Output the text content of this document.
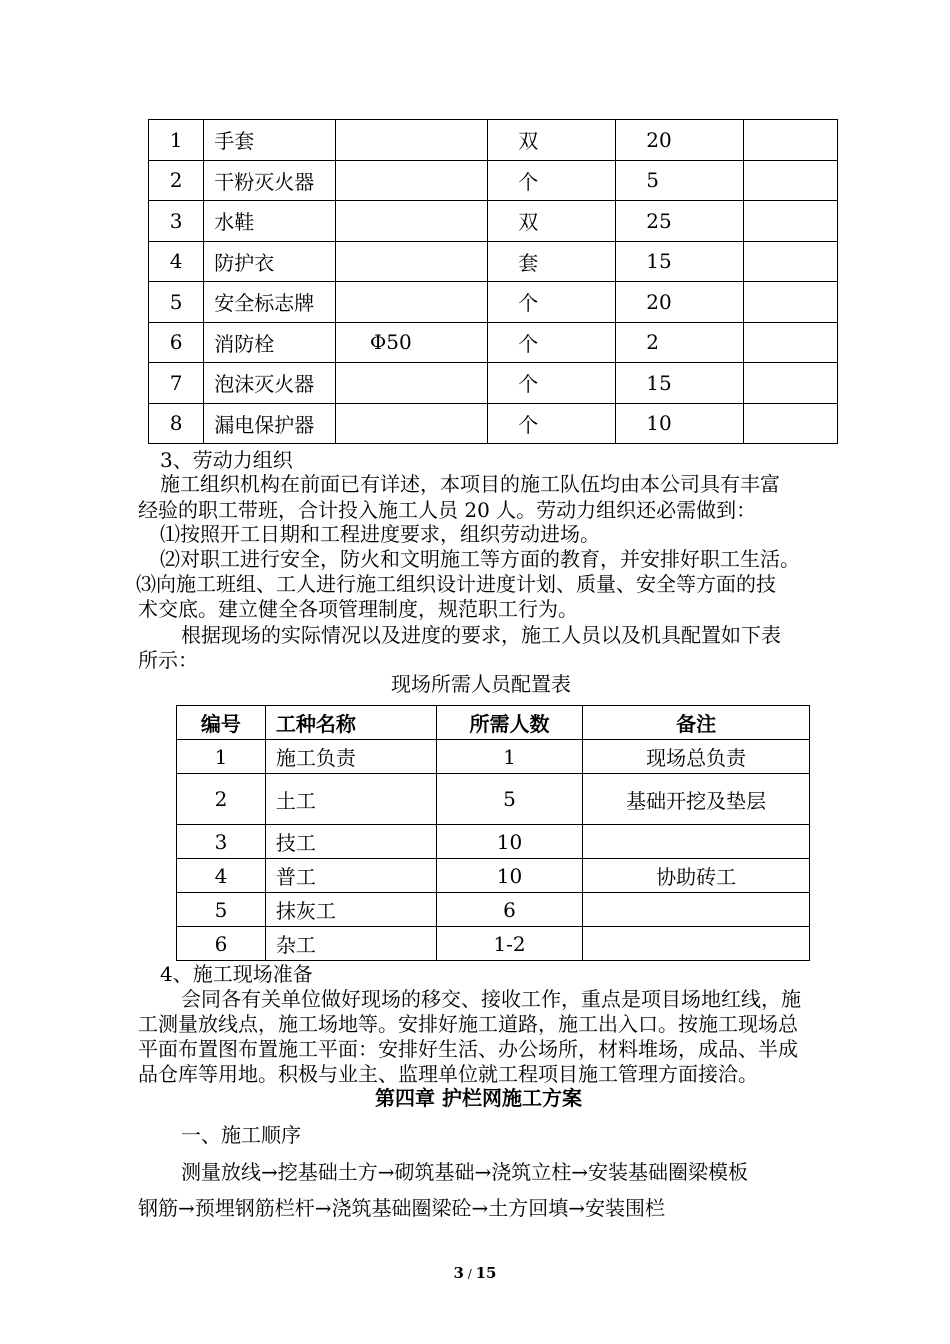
1	手套		双	20	
2	干粉灭火器		个	5	
3	水鞋		双	25	
4	防护衣		套	15	
5	安全标志牌		个	20	
6	消防栓	Φ50	个	2	
7	泡沫灭火器		个	15	
8	漏电保护器		个	10	
3、劳动力组织
施工组织机构在前面已有详述，本项目的施工队伍均由本公司具有丰富
经验的职工带班，合计投入施工人员 20 人。劳动力组织还必需做到：
⑴按照开工日期和工程进度要求，组织劳动进场。
⑵对职工进行安全，防火和文明施工等方面的教育，并安排好职工生活。
⑶向施工班组、工人进行施工组织设计进度计划、质量、安全等方面的技
术交底。建立健全各项管理制度，规范职工行为。
根据现场的实际情况以及进度的要求，施工人员以及机具配置如下表
所示：
现场所需人员配置表
编号	工种名称	所需人数	备注
1	施工负责	1	现场总负责
2	土工	5	基础开挖及垫层
3	技工	10	
4	普工	10	协助砖工
5	抹灰工	6	
6	杂工	1-2	
4、施工现场准备
会同各有关单位做好现场的移交、接收工作，重点是项目场地红线，施
工测量放线点，施工场地等。安排好施工道路，施工出入口。按施工现场总
平面布置图布置施工平面：安排好生活、办公场所，材料堆场，成品、半成
品仓库等用地。积极与业主、监理单位就工程项目施工管理方面接洽。
第四章 护栏网施工方案
一、施工顺序
测量放线→挖基础土方→砌筑基础→浇筑立柱→安装基础圈梁模板
钢筋→预埋钢筋栏杆→浇筑基础圈梁砼→土方回填→安装围栏
3 / 15
